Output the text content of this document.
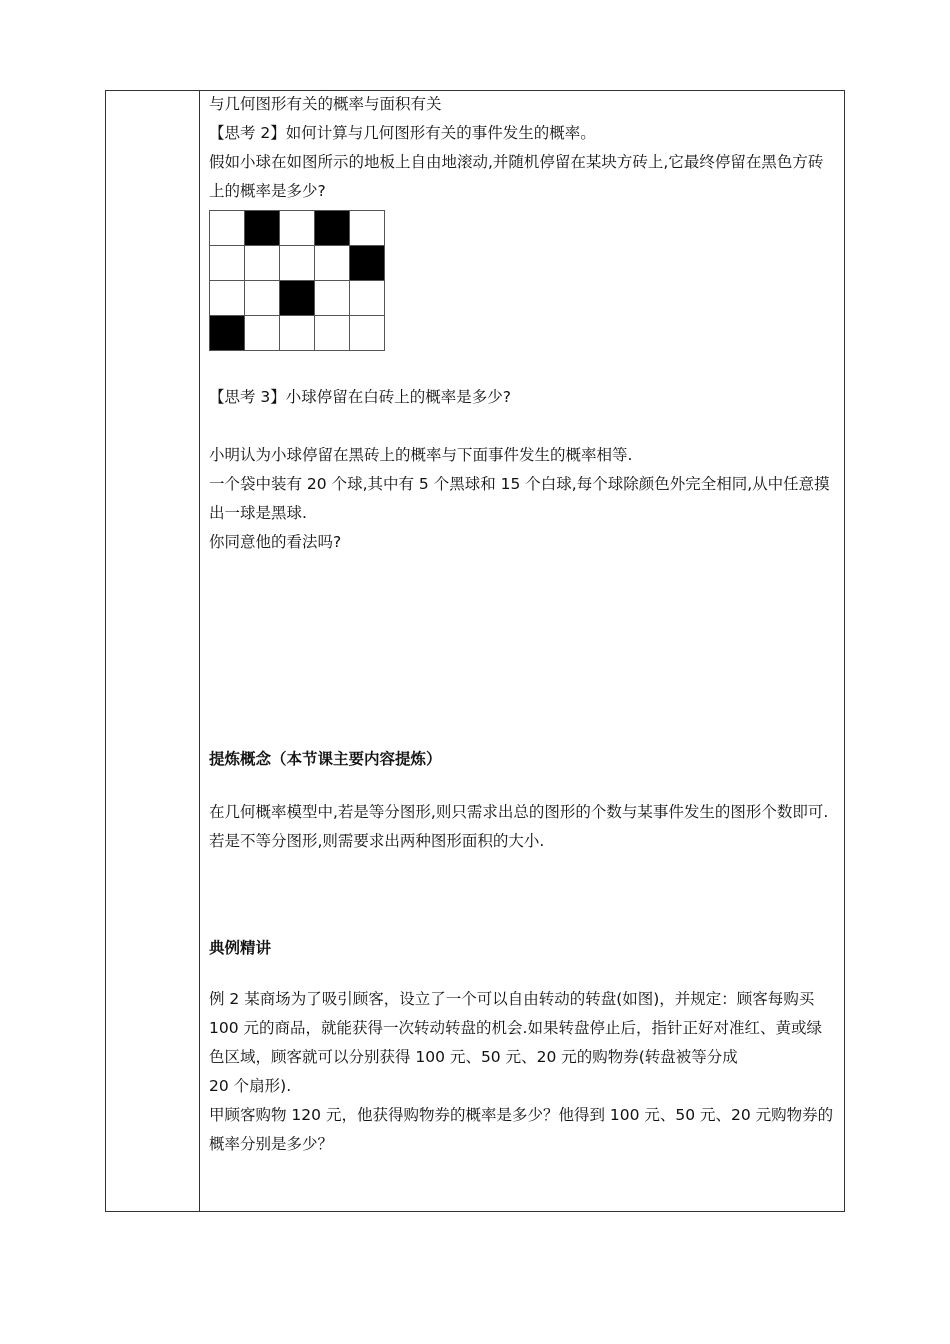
与几何图形有关的概率与面积有关

【思考 2】如何计算与几何图形有关的事件发生的概率。

假如小球在如图所示的地板上自由地滚动,并随机停留在某块方砖上,它最终停留在黑色方砖上的概率是多少?

【思考 3】小球停留在白砖上的概率是多少?

小明认为小球停留在黑砖上的概率与下面事件发生的概率相等.

一个袋中装有 20 个球,其中有 5 个黑球和 15 个白球,每个球除颜色外完全相同,从中任意摸出一球是黑球.

你同意他的看法吗?

提炼概念（本节课主要内容提炼）

在几何概率模型中,若是等分图形,则只需求出总的图形的个数与某事件发生的图形个数即可.若是不等分图形,则需要求出两种图形面积的大小.

典例精讲

例 2 某商场为了吸引顾客，设立了一个可以自由转动的转盘(如图)，并规定：顾客每购买 100 元的商品，就能获得一次转动转盘的机会.如果转盘停止后，指针正好对准红、黄或绿色区域，顾客就可以分别获得 100 元、50 元、20 元的购物券(转盘被等分成

20 个扇形).

甲顾客购物 120 元，他获得购物券的概率是多少？他得到 100 元、50 元、20 元购物券的概率分别是多少？
